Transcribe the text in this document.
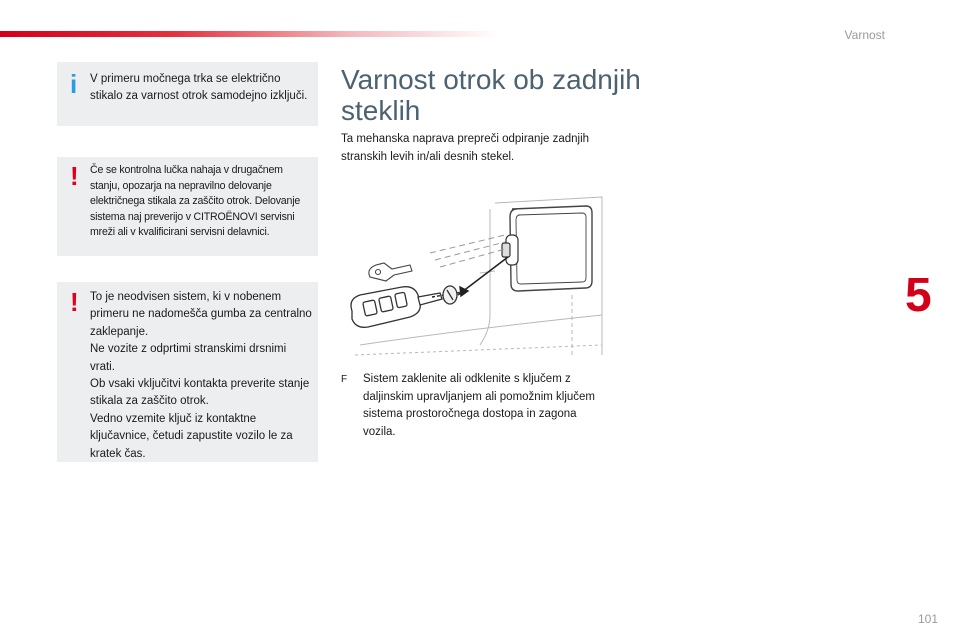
Varnost
5
i V primeru močnega trka se električno stikalo za varnost otrok samodejno izključi.
! Če se kontrolna lučka nahaja v drugačnem stanju, opozarja na nepravilno delovanje električnega stikala za zaščito otrok. Delovanje sistema naj preverijo v CITROËNOVI servisni mreži ali v kvalificirani servisni delavnici.
! To je neodvisen sistem, ki v nobenem primeru ne nadomešča gumba za centralno zaklepanje.
Ne vozite z odprtimi stranskimi drsnimi vrati.
Ob vsaki vključitvi kontakta preverite stanje stikala za zaščito otrok.
Vedno vzemite ključ iz kontaktne ključavnice, četudi zapustite vozilo le za kratek čas.
Varnost otrok ob zadnjih steklih
Ta mehanska naprava prepreči odpiranje zadnjih stranskih levih in/ali desnih stekel.
F Sistem zaklenite ali odklenite s ključem z daljinskim upravljanjem ali pomožnim ključem sistema prostoročnega dostopa in zagona vozila.
101
